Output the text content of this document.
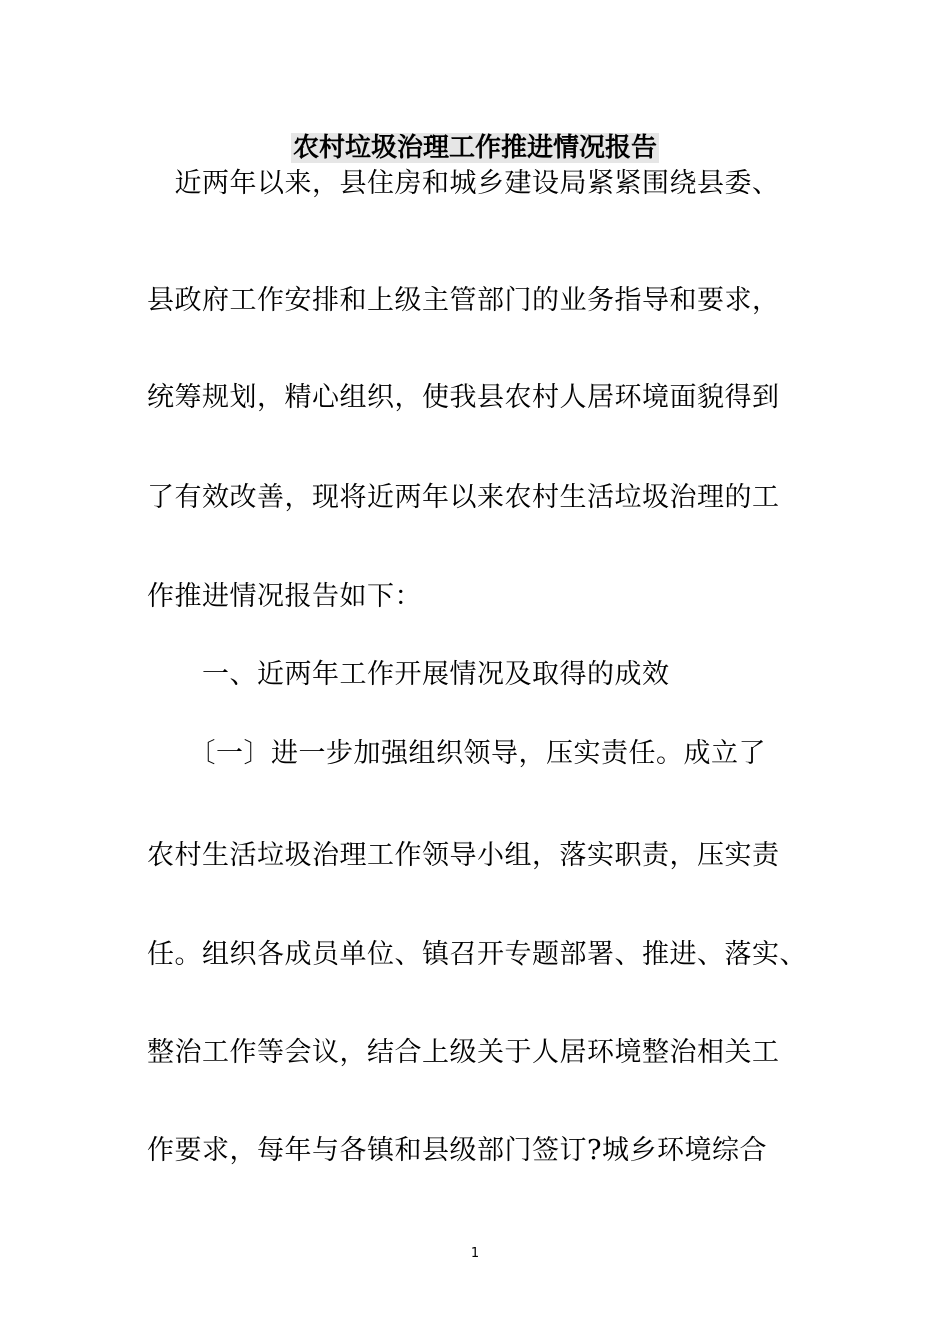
农村垃圾治理工作推进情况报告
　近两年以来，县住房和城乡建设局紧紧围绕县委、
县政府工作安排和上级主管部门的业务指导和要求，
统筹规划，精心组织，使我县农村人居环境面貌得到
了有效改善，现将近两年以来农村生活垃圾治理的工
作推进情况报告如下：
　　一、近两年工作开展情况及取得的成效
　　〔一〕进一步加强组织领导，压实责任。成立了
农村生活垃圾治理工作领导小组，落实职责，压实责
任。组织各成员单位、镇召开专题部署、推进、落实、
整治工作等会议，结合上级关于人居环境整治相关工
作要求，每年与各镇和县级部门签订?城乡环境综合
1
